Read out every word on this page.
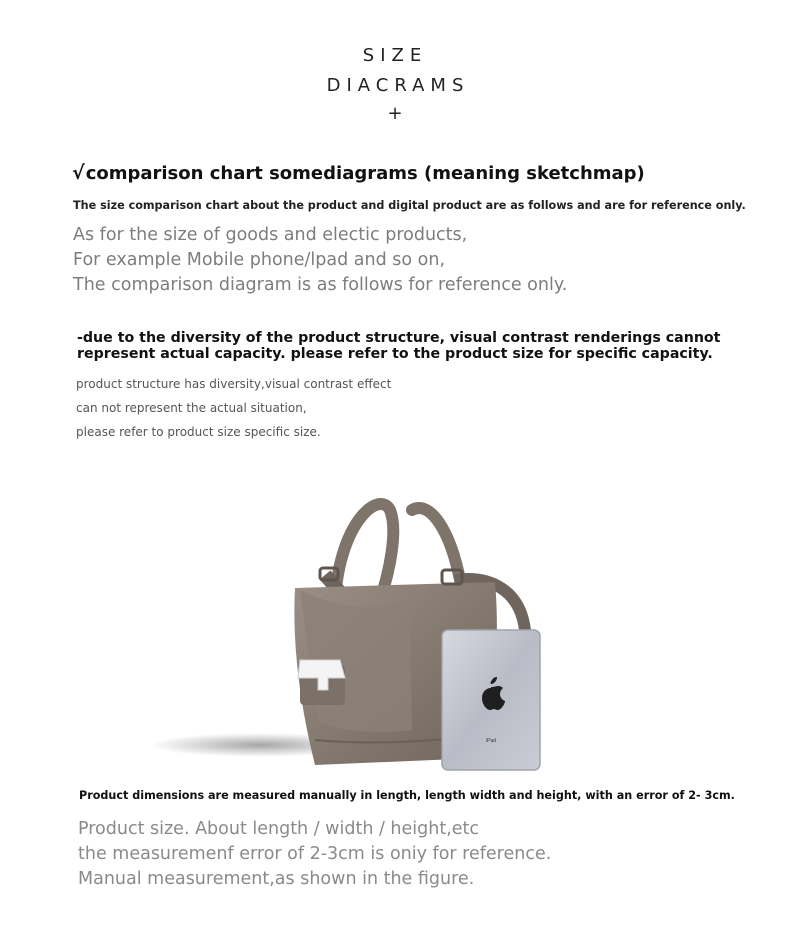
SIZE
DIACRAMS
+
√comparison chart somediagrams (meaning sketchmap)
The size comparison chart about the product and digital product are as follows and are for reference only.
As for the size of goods and electic products,
For example Mobile phone/lpad and so on,
The comparison diagram is as follows for reference only.
-due to the diversity of the product structure, visual contrast renderings cannot
represent actual capacity. please refer to the product size for specific capacity.
product structure has diversity,visual contrast effect
can not represent the actual situation,
please refer to product size specific size.
iPad
Product dimensions are measured manually in length, length width and height, with an error of 2- 3cm.
Product size. About length / width / height,etc
the measuremenf error of 2-3cm is oniy for reference.
Manual measurement,as shown in the figure.
